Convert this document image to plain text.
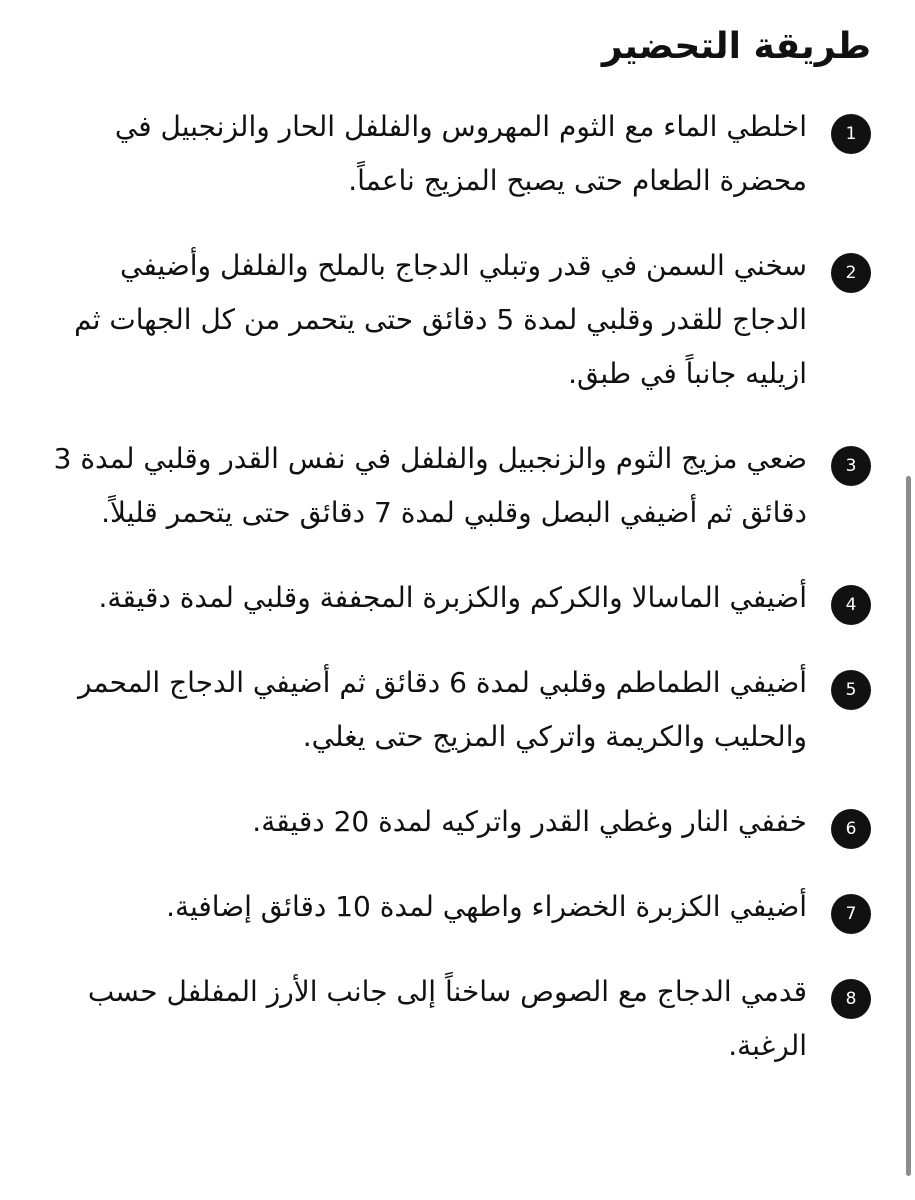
طريقة التحضير
1
اخلطي الماء مع الثوم المهروس والفلفل الحار والزنجبيل في محضرة الطعام حتى يصبح المزيج ناعماً.
2
سخني السمن في قدر وتبلي الدجاج بالملح والفلفل وأضيفي الدجاج للقدر وقلبي لمدة 5 دقائق حتى يتحمر من كل الجهات ثم ازيليه جانباً في طبق.
3
ضعي مزيج الثوم والزنجبيل والفلفل في نفس القدر وقلبي لمدة 3 دقائق ثم أضيفي البصل وقلبي لمدة 7 دقائق حتى يتحمر قليلاً.
4
أضيفي الماسالا والكركم والكزبرة المجففة وقلبي لمدة دقيقة.
5
أضيفي الطماطم وقلبي لمدة 6 دقائق ثم أضيفي الدجاج المحمر والحليب والكريمة واتركي المزيج حتى يغلي.
6
خففي النار وغطي القدر واتركيه لمدة 20 دقيقة.
7
أضيفي الكزبرة الخضراء واطهي لمدة 10 دقائق إضافية.
8
قدمي الدجاج مع الصوص ساخناً إلى جانب الأرز المفلفل حسب الرغبة.
